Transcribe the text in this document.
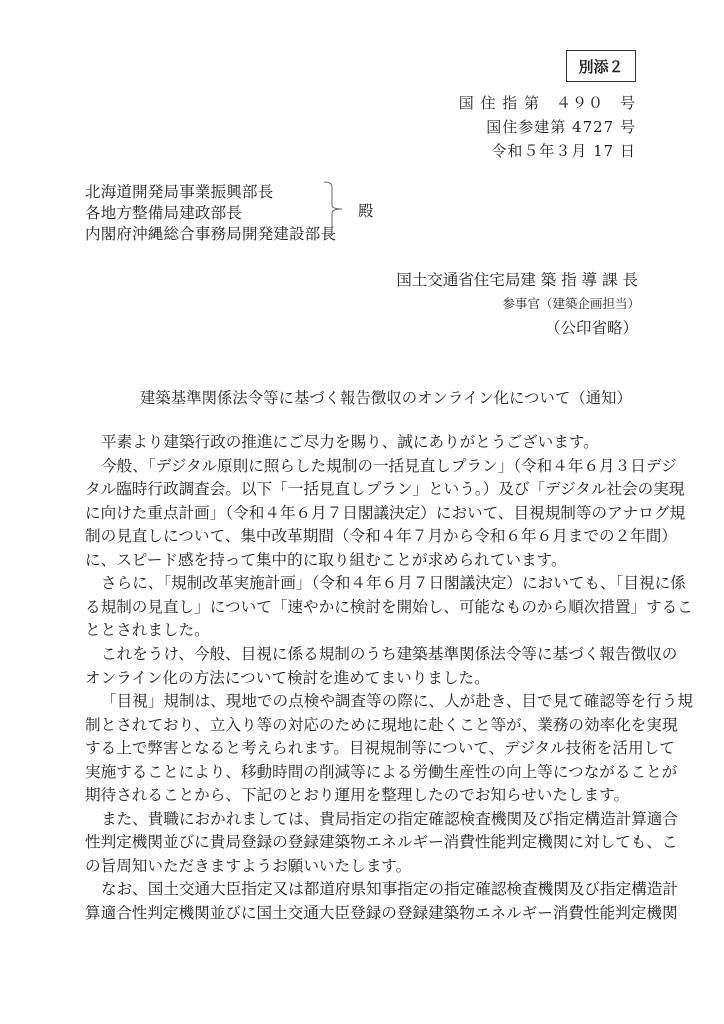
別添２
国 住 指 第　４９０　号
国住参建第 4727 号
令和５年３月 17 日
北海道開発局事業振興部長
各地方整備局建政部長
内閣府沖縄総合事務局開発建設部長
殿
国土交通省住宅局建 築 指 導 課 長
参事官（建築企画担当）
（公印省略）
建築基準関係法令等に基づく報告徴収のオンライン化について（通知）
平素より建築行政の推進にご尽力を賜り、誠にありがとうございます。
今般、「デジタル原則に照らした規制の一括見直しプラン」（令和４年６月３日デジ
タル臨時行政調査会。以下「一括見直しプラン」という。）及び「デジタル社会の実現
に向けた重点計画」（令和４年６月７日閣議決定）において、目視規制等のアナログ規
制の見直しについて、集中改革期間（令和４年７月から令和６年６月までの２年間）
に、スピード感を持って集中的に取り組むことが求められています。
さらに、「規制改革実施計画」（令和４年６月７日閣議決定）においても、「目視に係
る規制の見直し」について「速やかに検討を開始し、可能なものから順次措置」するこ
ととされました。
これをうけ、今般、目視に係る規制のうち建築基準関係法令等に基づく報告徴収の
オンライン化の方法について検討を進めてまいりました。
「目視」規制は、現地での点検や調査等の際に、人が赴き、目で見て確認等を行う規
制とされており、立入り等の対応のために現地に赴くこと等が、業務の効率化を実現
する上で弊害となると考えられます。目視規制等について、デジタル技術を活用して
実施することにより、移動時間の削減等による労働生産性の向上等につながることが
期待されることから、下記のとおり運用を整理したのでお知らせいたします。
また、貴職におかれましては、貴局指定の指定確認検査機関及び指定構造計算適合
性判定機関並びに貴局登録の登録建築物エネルギー消費性能判定機関に対しても、こ
の旨周知いただきますようお願いいたします。
なお、国土交通大臣指定又は都道府県知事指定の指定確認検査機関及び指定構造計
算適合性判定機関並びに国土交通大臣登録の登録建築物エネルギー消費性能判定機関
